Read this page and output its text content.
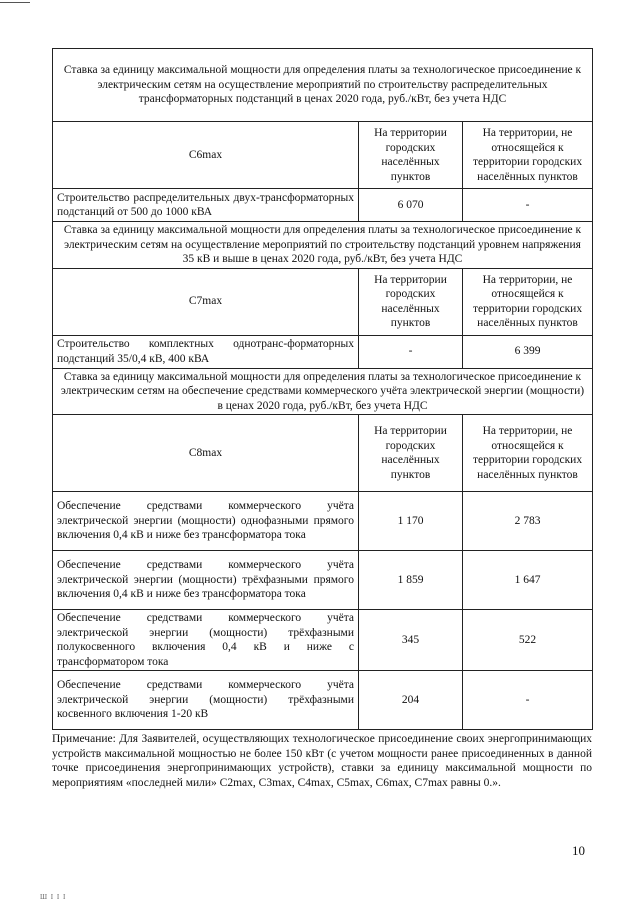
Ставка за единицу максимальной мощности для определения платы за технологическое присоединение к электрическим сетям на осуществление мероприятий по строительству распределительных трансформаторных подстанций в ценах 2020 года, руб./кВт, без учета НДС		
C6max	На территории городских населённых пунктов	На территории, не относящейся к территории городских населённых пунктов
Строительство распределительных двух-трансформаторных подстанций от 500 до 1000 кВА	6 070	-
Ставка за единицу максимальной мощности для определения платы за технологическое присоединение к электрическим сетям на осуществление мероприятий по строительству подстанций уровнем напряжения 35 кВ и выше в ценах 2020 года, руб./кВт, без учета НДС		
C7max	На территории городских населённых пунктов	На территории, не относящейся к территории городских населённых пунктов
Строительство комплектных однотранс-форматорных подстанций 35/0,4 кВ, 400 кВА	-	6 399
Ставка за единицу максимальной мощности для определения платы за технологическое присоединение к электрическим сетям на обеспечение средствами коммерческого учёта электрической энергии (мощности) в ценах 2020 года, руб./кВт, без учета НДС		
C8max	На территории городских населённых пунктов	На территории, не относящейся к территории городских населённых пунктов
Обеспечение средствами коммерческого учёта электрической энергии (мощности) однофазными прямого включения 0,4 кВ и ниже без трансформатора тока	1 170	2 783
Обеспечение средствами коммерческого учёта электрической энергии (мощности) трёхфазными прямого включения 0,4 кВ и ниже без трансформатора тока	1 859	1 647
Обеспечение средствами коммерческого учёта электрической энергии (мощности) трёхфазными полукосвенного включения 0,4 кВ и ниже с трансформатором тока	345	522
Обеспечение средствами коммерческого учёта электрической энергии (мощности) трёхфазными косвенного включения 1-20 кВ	204	-
Примечание: Для Заявителей, осуществляющих технологическое присоединение своих энергопринимающих устройств максимальной мощностью не более 150 кВт (с учетом мощности ранее присоединенных в данной точке присоединения энергопринимающих устройств), ставки за единицу максимальной мощности по мероприятиям «последней мили» C2max, C3max, C4max, C5max, C6max, C7max равны 0.».
10
Ш I I I
